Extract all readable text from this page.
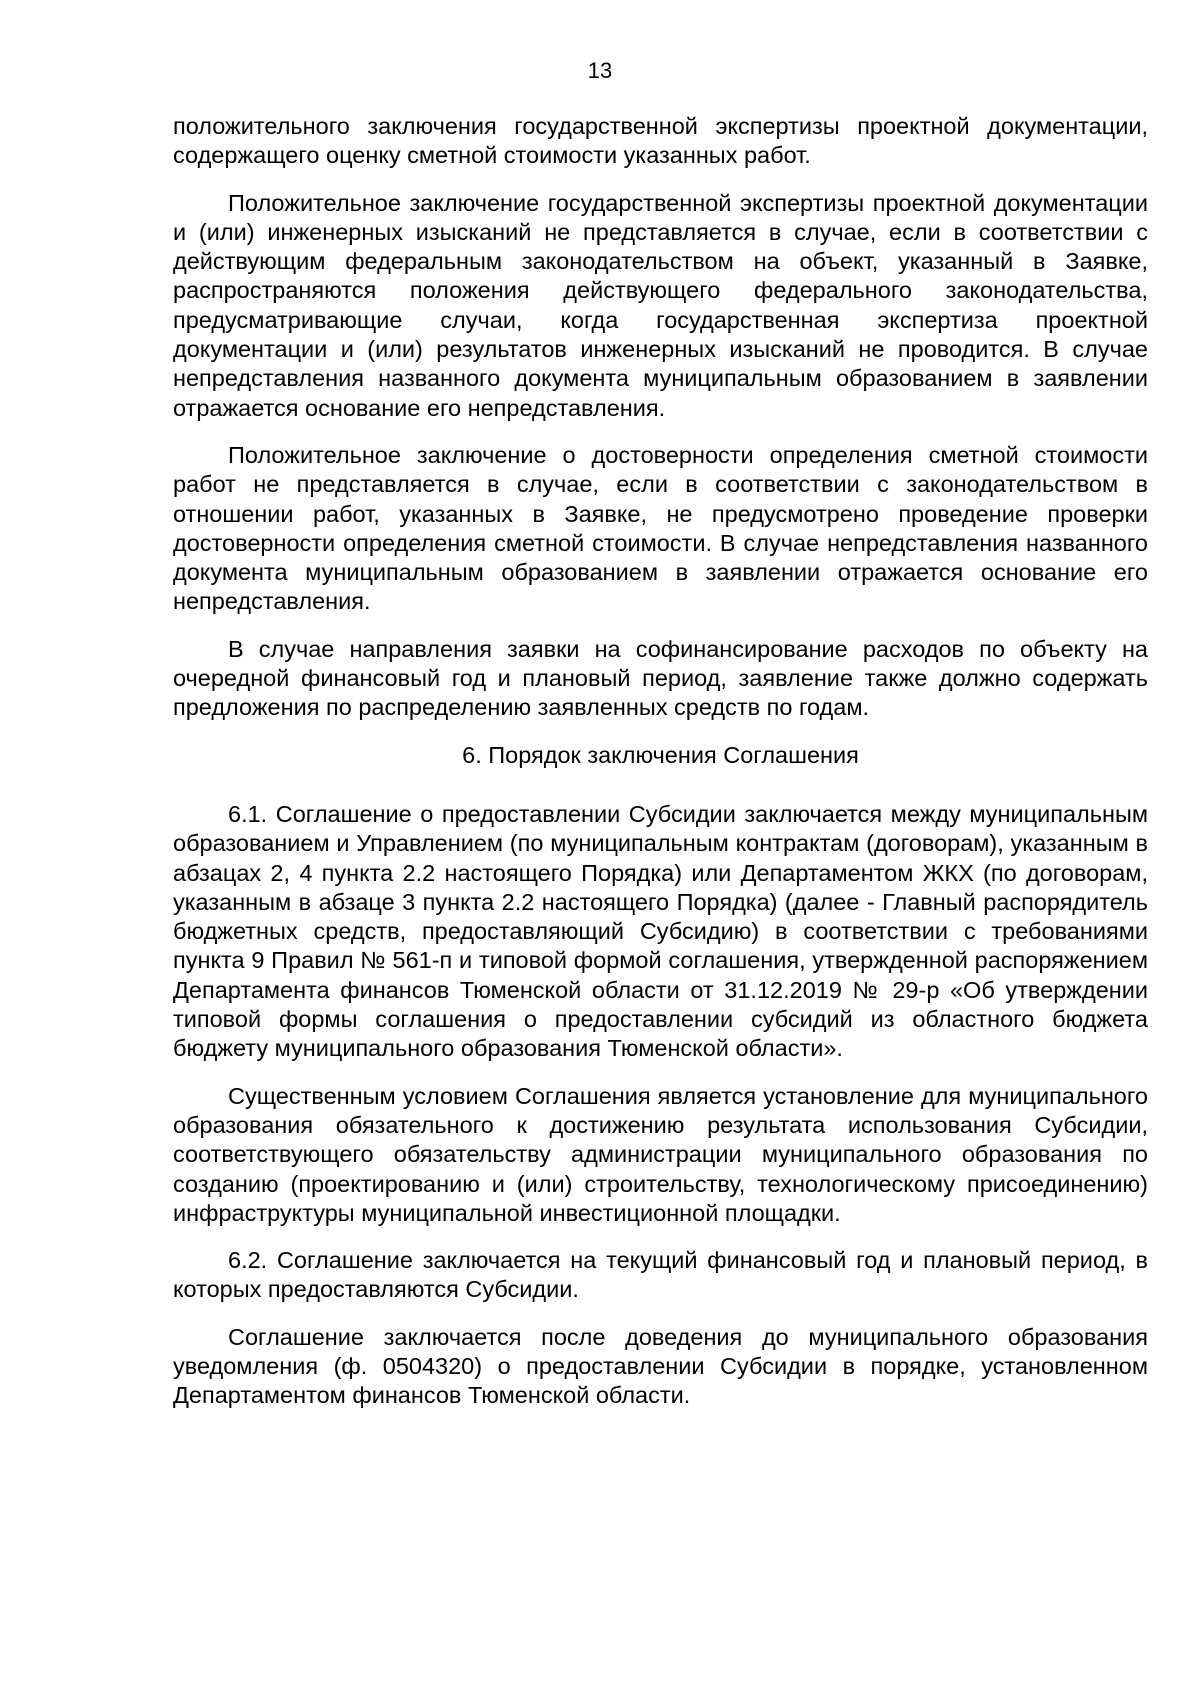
13

положительного заключения государственной экспертизы проектной документации, содержащего оценку сметной стоимости указанных работ.

Положительное заключение государственной экспертизы проектной документации и (или) инженерных изысканий не представляется в случае, если в соответствии с действующим федеральным законодательством на объект, указанный в Заявке, распространяются положения действующего федерального законодательства, предусматривающие случаи, когда государственная экспертиза проектной документации и (или) результатов инженерных изысканий не проводится. В случае непредставления названного документа муниципальным образованием в заявлении отражается основание его непредставления.

Положительное заключение о достоверности определения сметной стоимости работ не представляется в случае, если в соответствии с законодательством в отношении работ, указанных в Заявке, не предусмотрено проведение проверки достоверности определения сметной стоимости. В случае непредставления названного документа муниципальным образованием в заявлении отражается основание его непредставления.

В случае направления заявки на софинансирование расходов по объекту на очередной финансовый год и плановый период, заявление также должно содержать предложения по распределению заявленных средств по годам.

6. Порядок заключения Соглашения

6.1. Соглашение о предоставлении Субсидии заключается между муниципальным образованием и Управлением (по муниципальным контрактам (договорам), указанным в абзацах 2, 4 пункта 2.2 настоящего Порядка) или Департаментом ЖКХ (по договорам, указанным в абзаце 3 пункта 2.2 настоящего Порядка) (далее - Главный распорядитель бюджетных средств, предоставляющий Субсидию) в соответствии с требованиями пункта 9 Правил № 561-п и типовой формой соглашения, утвержденной распоряжением Департамента финансов Тюменской области от 31.12.2019 № 29-р «Об утверждении типовой формы соглашения о предоставлении субсидий из областного бюджета бюджету муниципального образования Тюменской области».

Существенным условием Соглашения является установление для муниципального образования обязательного к достижению результата использования Субсидии, соответствующего обязательству администрации муниципального образования по созданию (проектированию и (или) строительству, технологическому присоединению) инфраструктуры муниципальной инвестиционной площадки.

6.2. Соглашение заключается на текущий финансовый год и плановый период, в которых предоставляются Субсидии.

Соглашение заключается после доведения до муниципального образования уведомления (ф. 0504320) о предоставлении Субсидии в порядке, установленном Департаментом финансов Тюменской области.
